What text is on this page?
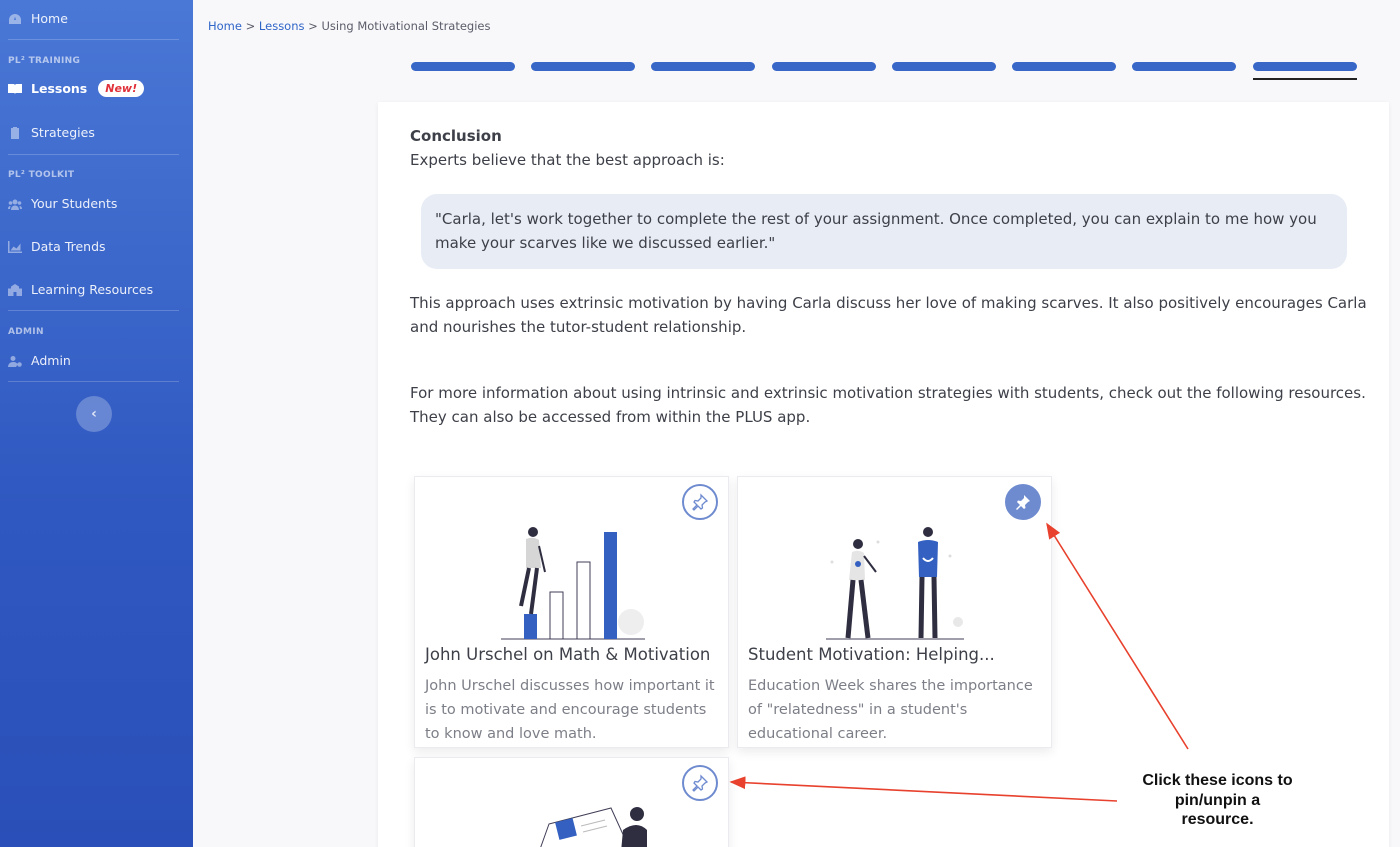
Home
PL² TRAINING
Lessons	New!
Strategies
PL² TOOLKIT
Your Students
Data Trends
Learning Resources
ADMIN
Admin
‹
Home > Lessons > Using Motivational Strategies
Conclusion
Experts believe that the best approach is:
"Carla, let's work together to complete the rest of your assignment. Once completed, you can explain to me how you make your scarves like we discussed earlier."
This approach uses extrinsic motivation by having Carla discuss her love of making scarves. It also positively encourages Carla and nourishes the tutor-student relationship.
For more information about using intrinsic and extrinsic motivation strategies with students, check out the following resources. They can also be accessed from within the PLUS app.
John Urschel on Math & Motivation
John Urschel discusses how important it is to motivate and encourage students to know and love math.
Student Motivation: Helping...
Education Week shares the importance of "relatedness" in a student's educational career.
Click these icons to pin/unpin a resource.
